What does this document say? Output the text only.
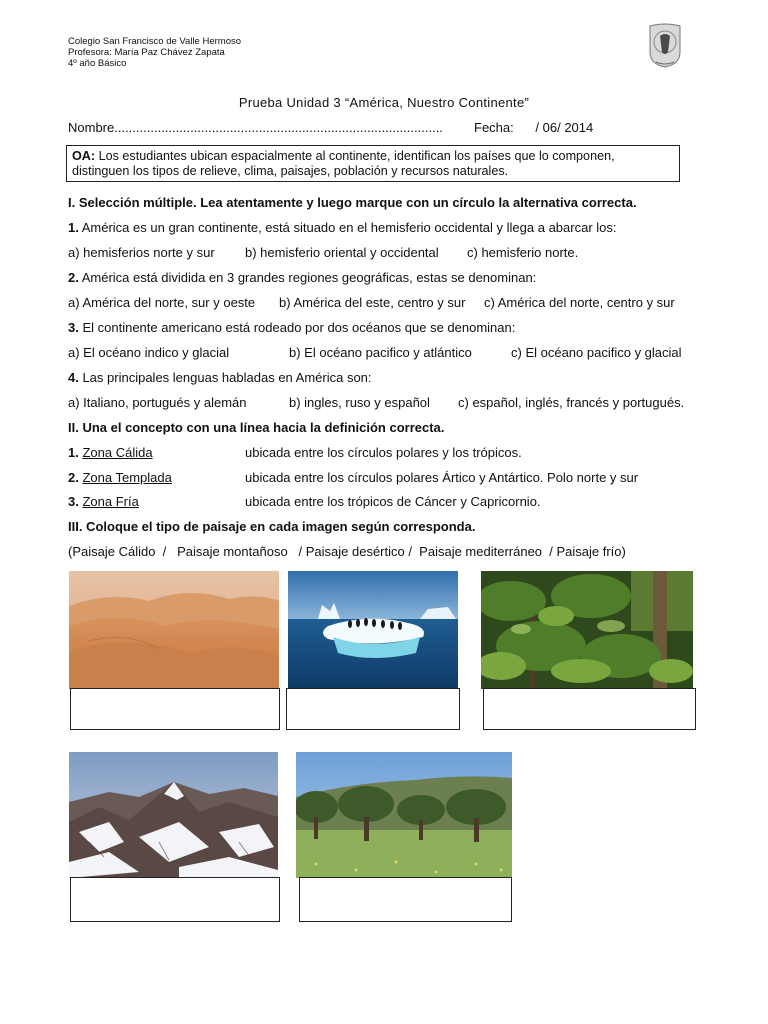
Colegio San Francisco de Valle Hermoso
Profesora: María Paz Chávez Zapata
4º año Básico
Prueba Unidad 3 “América, Nuestro Continente”
Nombre........................................................................................... Fecha:      / 06/ 2014
OA: Los estudiantes ubican espacialmente al continente, identifican los países que lo componen,
distinguen los tipos de relieve, clima, paisajes, población y recursos naturales.
I. Selección múltiple. Lea atentamente y luego marque con un círculo la alternativa correcta.
1. América es un gran continente, está situado en el hemisferio occidental y llega a abarcar los:
a) hemisferios norte y sur b) hemisferio oriental y occidental c) hemisferio norte.
2. América está dividida en 3 grandes regiones geográficas, estas se denominan:
a) América del norte, sur y oeste b) América del este, centro y sur c) América del norte, centro y sur
3. El continente americano está rodeado por dos océanos que se denominan:
a) El océano indico y glacial	b) El océano pacifico y atlántico	c) El océano pacifico y glacial
4. Las principales lenguas habladas en América son:
a) Italiano, portugués y alemán	b) ingles, ruso y español c) español, inglés, francés y portugués.
II. Una el concepto con una línea hacia la definición correcta.
1. Zona Cálida	ubicada entre los círculos polares y los trópicos.
2. Zona Templada	ubicada entre los círculos polares Ártico y Antártico. Polo norte y sur
3. Zona Fría	ubicada entre los trópicos de Cáncer y Capricornio.
III. Coloque el tipo de paisaje en cada imagen según corresponda.
(Paisaje Cálido  /   Paisaje montañoso   / Paisaje desértico /  Paisaje mediterráneo  / Paisaje frío)
